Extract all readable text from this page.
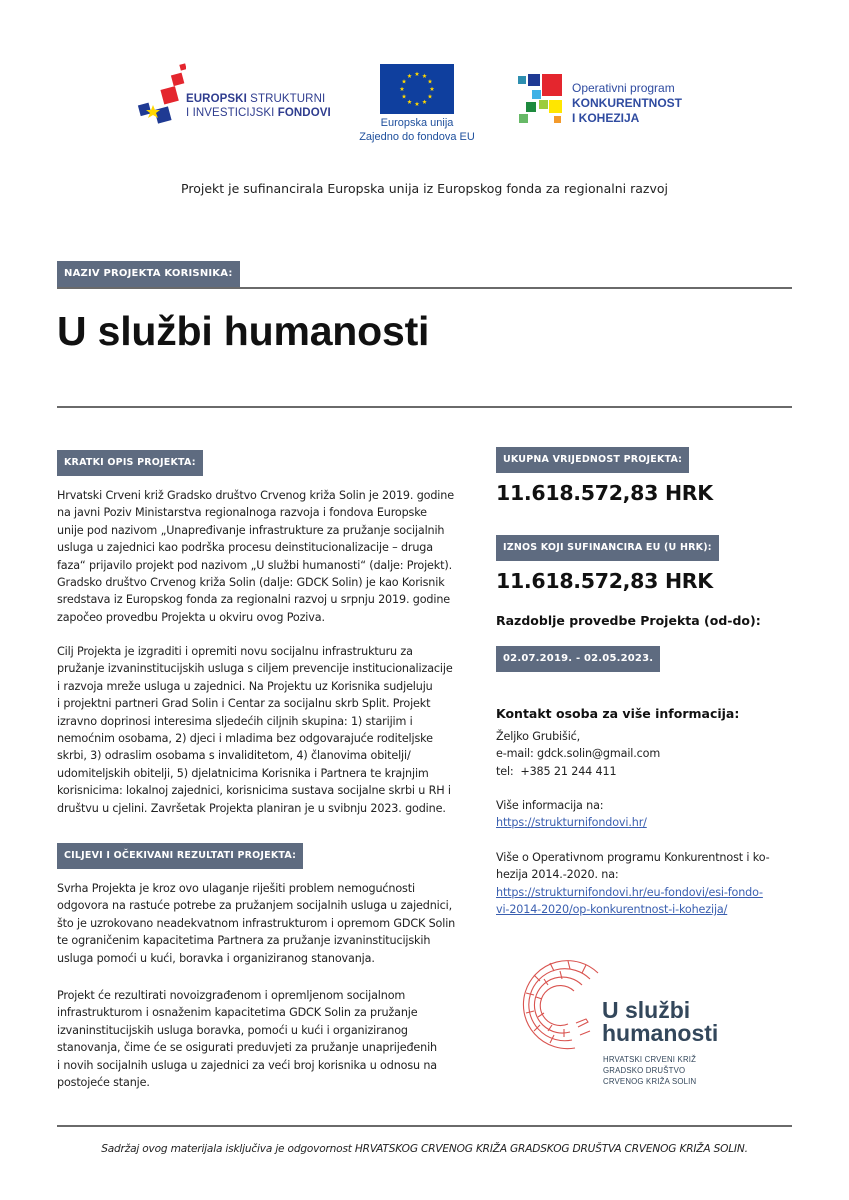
EUROPSKI STRUKTURNI
I INVESTICIJSKI FONDOVI
Europska unija
Zajedno do fondova EU
Operativni program
KONKURENTNOST
I KOHEZIJA
Projekt je sufinancirala Europska unija iz Europskog fonda za regionalni razvoj
NAZIV PROJEKTA KORISNIKA:
U službi humanosti
KRATKI OPIS PROJEKTA:
Hrvatski Crveni križ Gradsko društvo Crvenog križa Solin je 2019. godine
na javni Poziv Ministarstva regionalnoga razvoja i fondova Europske
unije pod nazivom „Unapređivanje infrastrukture za pružanje socijalnih
usluga u zajednici kao podrška procesu deinstitucionalizacije – druga
faza“ prijavilo projekt pod nazivom „U službi humanosti“ (dalje: Projekt).
Gradsko društvo Crvenog križa Solin (dalje: GDCK Solin) je kao Korisnik
sredstava iz Europskog fonda za regionalni razvoj u srpnju 2019. godine
započeo provedbu Projekta u okviru ovog Poziva.
Cilj Projekta je izgraditi i opremiti novu socijalnu infrastrukturu za
pružanje izvaninstitucijskih usluga s ciljem prevencije institucionalizacije
i razvoja mreže usluga u zajednici. Na Projektu uz Korisnika sudjeluju
i projektni partneri Grad Solin i Centar za socijalnu skrb Split. Projekt
izravno doprinosi interesima sljedećih ciljnih skupina: 1) starijim i
nemoćnim osobama, 2) djeci i mladima bez odgovarajuće roditeljske
skrbi, 3) odraslim osobama s invaliditetom, 4) članovima obitelji/
udomiteljskih obitelji, 5) djelatnicima Korisnika i Partnera te krajnjim
korisnicima: lokalnoj zajednici, korisnicima sustava socijalne skrbi u RH i
društvu u cjelini. Završetak Projekta planiran je u svibnju 2023. godine.
CILJEVI I OČEKIVANI REZULTATI PROJEKTA:
Svrha Projekta je kroz ovo ulaganje riješiti problem nemogućnosti
odgovora na rastuće potrebe za pružanjem socijalnih usluga u zajednici,
što je uzrokovano neadekvatnom infrastrukturom i opremom GDCK Solin
te ograničenim kapacitetima Partnera za pružanje izvaninstitucijskih
usluga pomoći u kući, boravka i organiziranog stanovanja.
Projekt će rezultirati novoizgrađenom i opremljenom socijalnom
infrastrukturom i osnaženim kapacitetima GDCK Solin za pružanje
izvaninstitucijskih usluga boravka, pomoći u kući i organiziranog
stanovanja, čime će se osigurati preduvjeti za pružanje unaprijeđenih
i novih socijalnih usluga u zajednici za veći broj korisnika u odnosu na
postojeće stanje.
UKUPNA VRIJEDNOST PROJEKTA:
11.618.572,83 HRK
IZNOS KOJI SUFINANCIRA EU (U HRK):
11.618.572,83 HRK
Razdoblje provedbe Projekta (od-do):
02.07.2019. - 02.05.2023.
Kontakt osoba za više informacija:
Željko Grubišić,
e-mail: gdck.solin@gmail.com
tel:  +385 21 244 411
Više informacija na:
https://strukturnifondovi.hr/
Više o Operativnom programu Konkurentnost i ko-
hezija 2014.-2020. na:
https://strukturnifondovi.hr/eu-fondovi/esi-fondo-
vi-2014-2020/op-konkurentnost-i-kohezija/
U službi
humanosti
HRVATSKI CRVENI KRIŽ
GRADSKO DRUŠTVO
CRVENOG KRIŽA SOLIN
Sadržaj ovog materijala isključiva je odgovornost HRVATSKOG CRVENOG KRIŽA GRADSKOG DRUŠTVA CRVENOG KRIŽA SOLIN.
